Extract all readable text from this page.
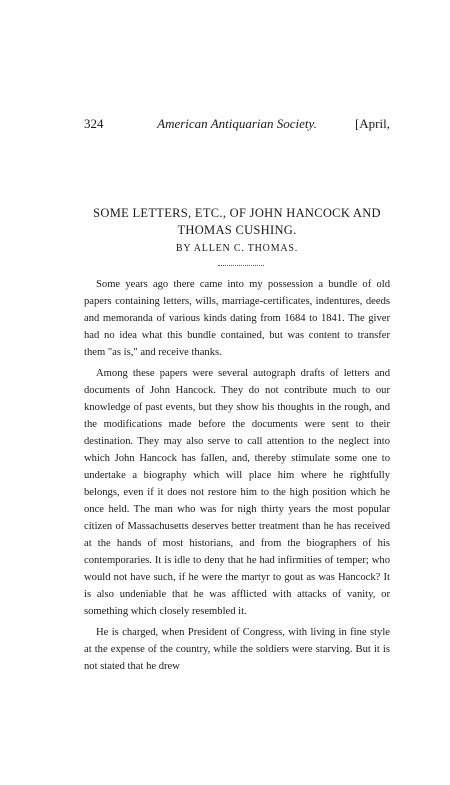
324	American Antiquarian Society.	[April,
SOME LETTERS, ETC., OF JOHN HANCOCK AND
THOMAS CUSHING.
BY ALLEN C. THOMAS.

Some years ago there came into my possession a bundle of old papers containing letters, wills, marriage-certificates, indentures, deeds and memoranda of various kinds dating from 1684 to 1841. The giver had no idea what this bundle contained, but was content to transfer them "as is," and receive thanks.

Among these papers were several autograph drafts of letters and documents of John Hancock. They do not contribute much to our knowledge of past events, but they show his thoughts in the rough, and the modifications made before the documents were sent to their destination. They may also serve to call attention to the neglect into which John Hancock has fallen, and, thereby stimulate some one to undertake a biography which will place him where he rightfully belongs, even if it does not restore him to the high position which he once held. The man who was for nigh thirty years the most popular citizen of Massachusetts deserves better treatment than he has received at the hands of most historians, and from the biographers of his contemporaries. It is idle to deny that he had infirmities of temper; who would not have such, if he were the martyr to gout as was Hancock? It is also undeniable that he was afflicted with attacks of vanity, or something which closely resembled it.

He is charged, when President of Congress, with living in fine style at the expense of the country, while the soldiers were starving. But it is not stated that he drew
